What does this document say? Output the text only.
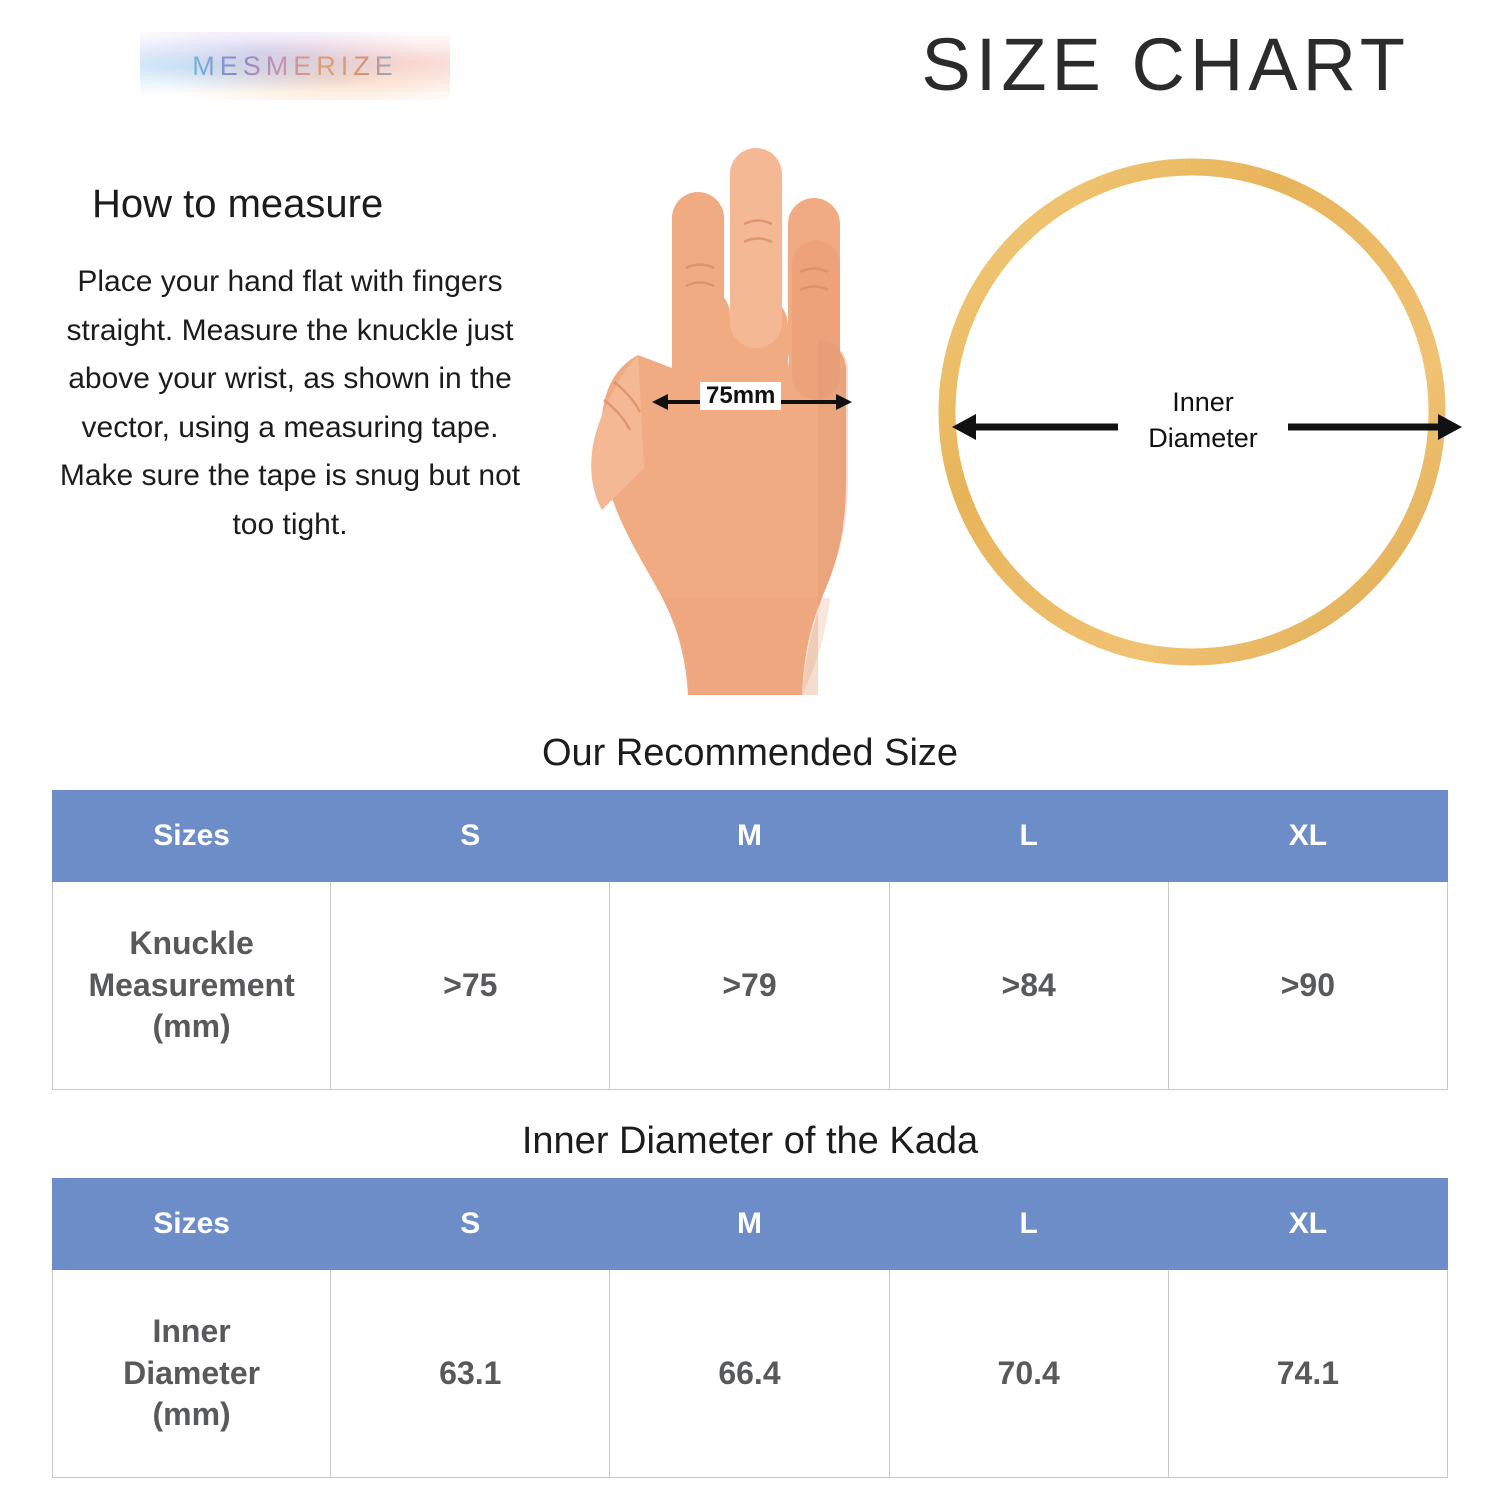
MESMERIZE	SIZE CHART
How to measure
Place your hand flat with fingers straight. Measure the knuckle just above your wrist, as shown in the vector, using a measuring tape. Make sure the tape is snug but not too tight.
75mm	Inner
Diameter
Our Recommended Size
Sizes	S	M	L	XL

Knuckle
Measurement
(mm)	>75	>79	>84	>90
Inner Diameter of the Kada
Sizes	S	M	L	XL

Inner
Diameter
(mm)	63.1	66.4	70.4	74.1
